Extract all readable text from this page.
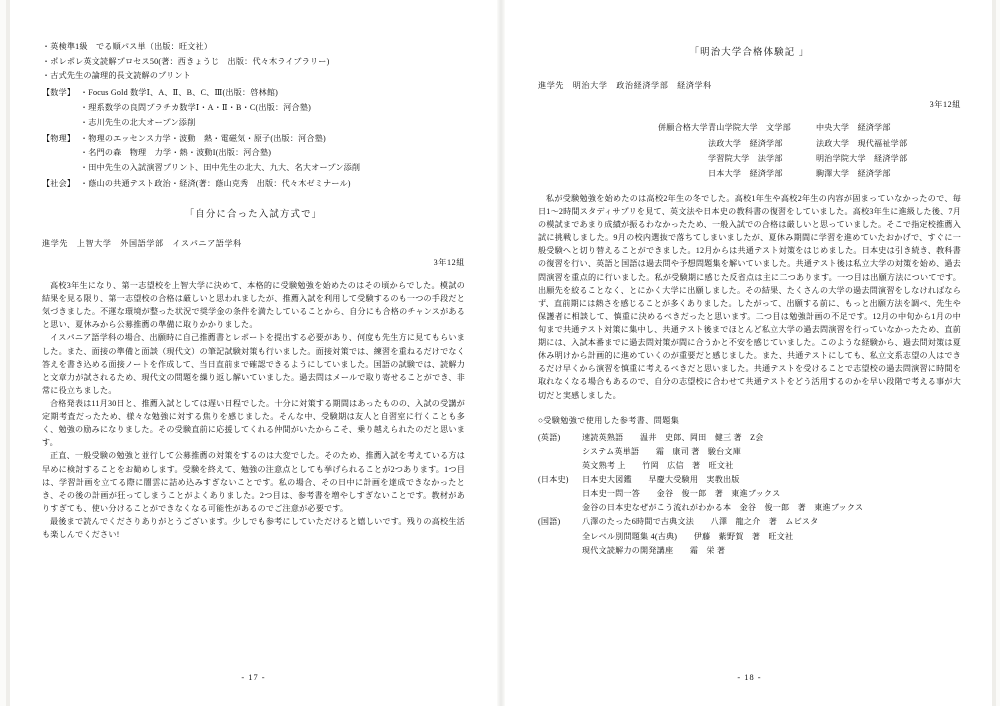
・英検準1級　でる順パス単（出版：旺文社）
・ポレポレ英文読解プロセス50(著：西きょうじ　出版：代々木ライブラリー)
・古式先生の論理的長文読解のプリント
【数学】 ・Focus Gold 数学Ⅰ、A、Ⅱ、B、C、Ⅲ(出版：啓林館)
・理系数学の良問プラチカ数学Ⅰ・A・Ⅱ・B・C(出版：河合塾)
・志川先生の北大オープン添削
【物理】 ・物理のエッセンス力学・波動　熱・電磁気・原子(出版：河合塾)
・名門の森　物理　力学・熱・波動I(出版：河合塾)
・田中先生の入試演習プリント、田中先生の北大、九大、名大オープン添削
【社会】 ・蔭山の共通テスト政治・経済(著：蔭山克秀　出版：代々木ゼミナール)
「自分に合った入試方式で」
進学先　上智大学　外国語学部　イスパニア語学科
3年12組

高校3年生になり、第一志望校を上智大学に決めて、本格的に受験勉強を始めたのはその頃からでした。模試の結果を見る限り、第一志望校の合格は厳しいと思われましたが、推薦入試を利用して受験するのも一つの手段だと気づきました。不運な環境が整った状況で奨学金の条件を満たしていることから、自分にも合格のチャンスがあると思い、夏休みから公募推薦の準備に取りかかりました。

イスパニア語学科の場合、出願時に自己推薦書とレポートを提出する必要があり、何度も先生方に見てもらいました。また、面接の準備と面談（現代文）の筆記試験対策も行いました。面接対策では、練習を重ねるだけでなく答えを書き込める面接ノートを作成して、当日直前まで確認できるようにしていました。国語の試験では、読解力と文章力が試されるため、現代文の問題を繰り返し解いていました。過去問はメールで取り寄せることができ、非常に役立ちました。

合格発表は11月30日と、推薦入試としては遅い日程でした。十分に対策する期間はあったものの、入試の受講が定期考査だったため、様々な勉強に対する焦りを感じました。そんな中、受験期は友人と自習室に行くことも多く、勉強の励みになりました。その受験直前に応援してくれる仲間がいたからこそ、乗り越えられたのだと思います。

正直、一般受験の勉強と並行して公募推薦の対策をするのは大変でした。そのため、推薦入試を考えている方は早めに検討することをお勧めします。受験を終えて、勉強の注意点としても挙げられることが2つあります。1つ目は、学習計画を立てる際に闇雲に詰め込みすぎないことです。私の場合、その日中に計画を達成できなかったとき、その後の計画が狂ってしまうことがよくありました。2つ目は、参考書を増やしすぎないことです。教材がありすぎても、使い分けることができなくなる可能性があるのでご注意が必要です。

最後まで読んでくださりありがとうございます。少しでも参考にしていただけると嬉しいです。残りの高校生活も楽しんでください!

- 17 -
「明治大学合格体験記 」
進学先　明治大学　政治経済学部　経済学科
3年12組
併願合格大学 青山学院大学　文学部	中央大学　経済学部
法政大学　経済学部	法政大学　現代福祉学部
学習院大学　法学部	明治学院大学　経済学部
日本大学　経済学部	駒澤大学　経済学部

私が受験勉強を始めたのは高校2年生の冬でした。高校1年生や高校2年生の内容が固まっていなかったので、毎日1〜2時間スタディサプリを見て、英文法や日本史の教科書の復習をしていました。高校3年生に進級した後、7月の模試まであまり成績が振るわなかったため、一般入試での合格は厳しいと思っていました。そこで指定校推薦入試に挑戦しました。9月の校内選抜で落ちてしまいましたが、夏休み期間に学習を進めていたおかげで、すぐに一般受験へと切り替えることができました。12月からは共通テスト対策をはじめました。日本史は引き続き、教科書の復習を行い、英語と国語は過去問や予想問題集を解いていました。共通テスト後は私立大学の対策を始め、過去問演習を重点的に行いました。私が受験期に感じた反省点は主に二つあります。一つ目は出願方法についてです。出願先を絞ることなく、とにかく大学に出願しました。その結果、たくさんの大学の過去問演習をしなければならず、直前期には熱さを感じることが多くありました。したがって、出願する前に、もっと出願方法を調べ、先生や保護者に相談して、慎重に決めるべきだったと思います。二つ目は勉強計画の不足です。12月の中旬から1月の中旬まで共通テスト対策に集中し、共通テスト後までほとんど私立大学の過去問演習を行っていなかったため、直前期には、入試本番までに過去問対策が間に合うかと不安を感じていました。このような経験から、過去問対策は夏休み明けから計画的に進めていくのが重要だと感じました。また、共通テストにしても、私立文系志望の人はできるだけ早くから演習を慎重に考えるべきだと思いました。共通テストを受けることで志望校の過去問演習に時間を取れなくなる場合もあるので、自分の志望校に合わせて共通テストをどう活用するのかを早い段階で考える事が大切だと実感しました。

○受験勉強で使用した参考書、問題集
(英語)	速読英熟語　　温井　史郎、岡田　健三 著　Z会
システム英単語　　霜　康司 著　駿台文庫
英文熟考 上　　竹岡　広信　著　旺文社
(日本史)	日本史大図鑑　　早慶大受験用　実教出版
日本史一問一答　　金谷　俊一郎　著　東進ブックス
金谷の日本史なぜがこう流れがわかる本　金谷　俊一郎　著　東進ブックス
(国語)	八澤のたった6時間で古典文法　　八澤　龍之介　著　ムビスタ
全レベル別問題集 4(古典)　　伊藤　紫野賀　著　旺文社
現代文読解力の開発講座　　霜　栄 著
- 18 -
